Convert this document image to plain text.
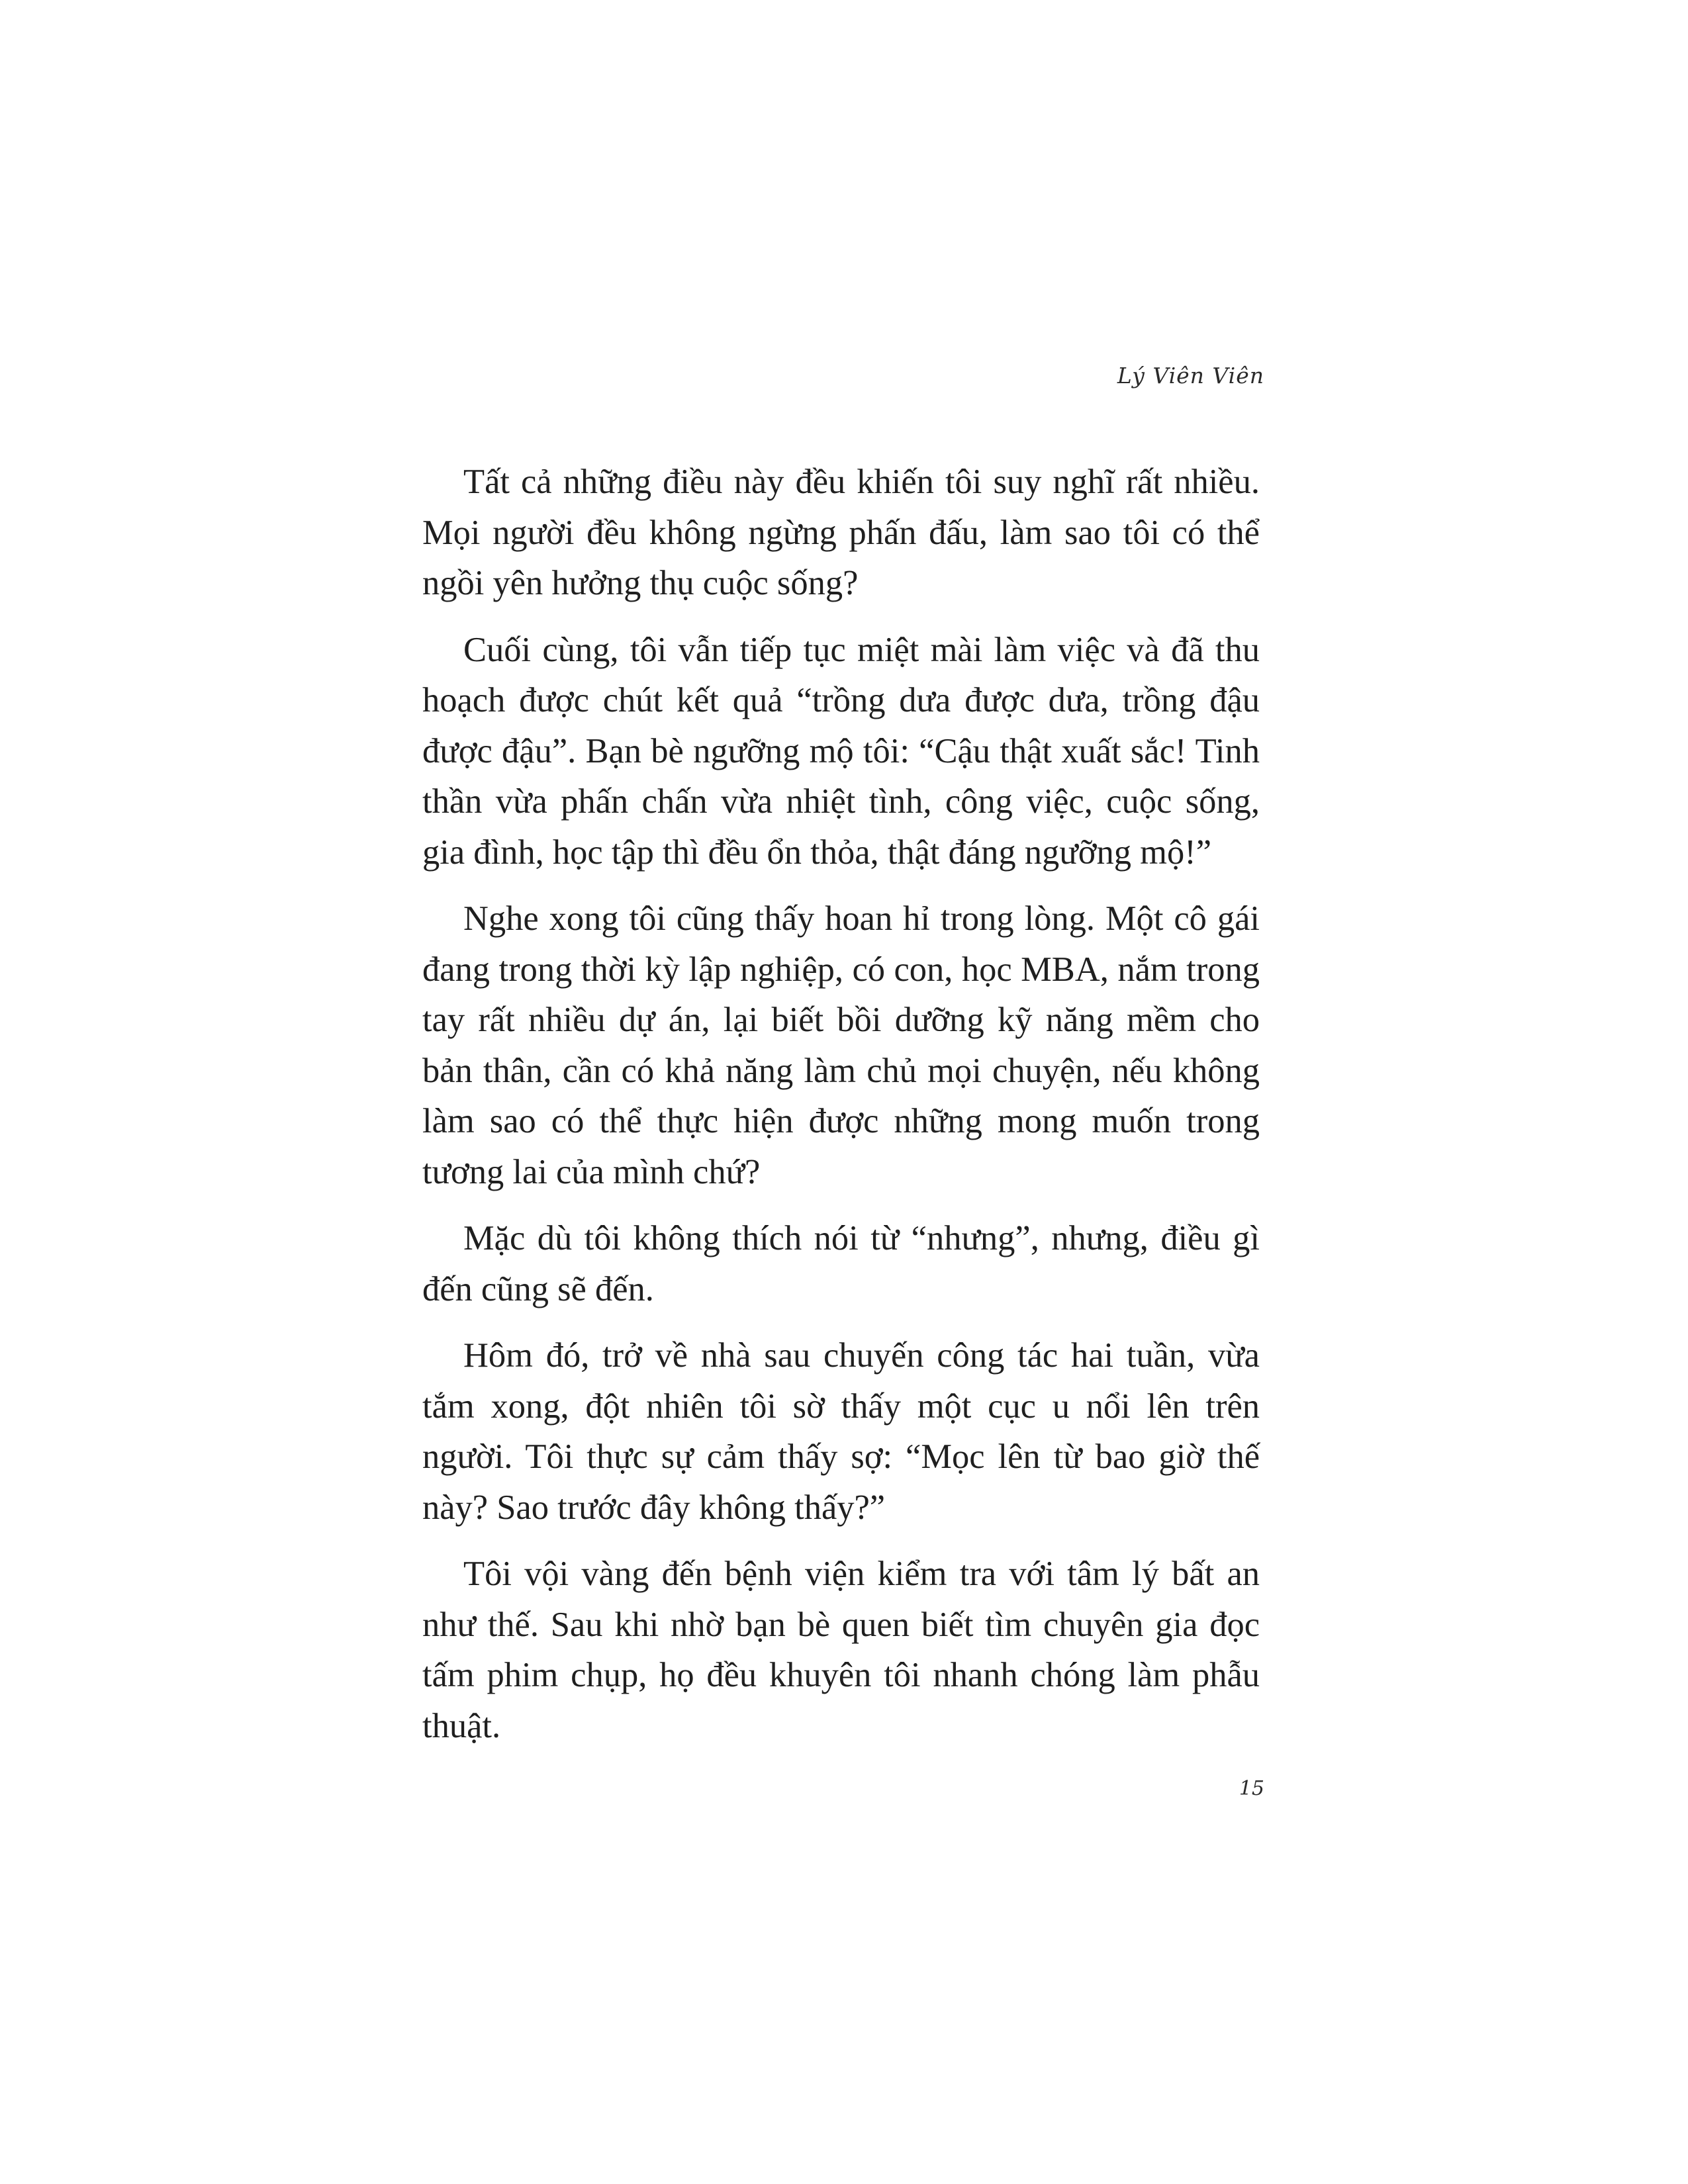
Lý Viên Viên

Tất cả những điều này đều khiến tôi suy nghĩ rất nhiều. Mọi người đều không ngừng phấn đấu, làm sao tôi có thể ngồi yên hưởng thụ cuộc sống?

Cuối cùng, tôi vẫn tiếp tục miệt mài làm việc và đã thu hoạch được chút kết quả “trồng dưa được dưa, trồng đậu được đậu”. Bạn bè ngưỡng mộ tôi: “Cậu thật xuất sắc! Tinh thần vừa phấn chấn vừa nhiệt tình, công việc, cuộc sống, gia đình, học tập thì đều ổn thỏa, thật đáng ngưỡng mộ!”

Nghe xong tôi cũng thấy hoan hỉ trong lòng. Một cô gái đang trong thời kỳ lập nghiệp, có con, học MBA, nắm trong tay rất nhiều dự án, lại biết bồi dưỡng kỹ năng mềm cho bản thân, cần có khả năng làm chủ mọi chuyện, nếu không làm sao có thể thực hiện được những mong muốn trong tương lai của mình chứ?

Mặc dù tôi không thích nói từ “nhưng”, nhưng, điều gì đến cũng sẽ đến.

Hôm đó, trở về nhà sau chuyến công tác hai tuần, vừa tắm xong, đột nhiên tôi sờ thấy một cục u nổi lên trên người. Tôi thực sự cảm thấy sợ: “Mọc lên từ bao giờ thế này? Sao trước đây không thấy?”

Tôi vội vàng đến bệnh viện kiểm tra với tâm lý bất an như thế. Sau khi nhờ bạn bè quen biết tìm chuyên gia đọc tấm phim chụp, họ đều khuyên tôi nhanh chóng làm phẫu thuật.

15
